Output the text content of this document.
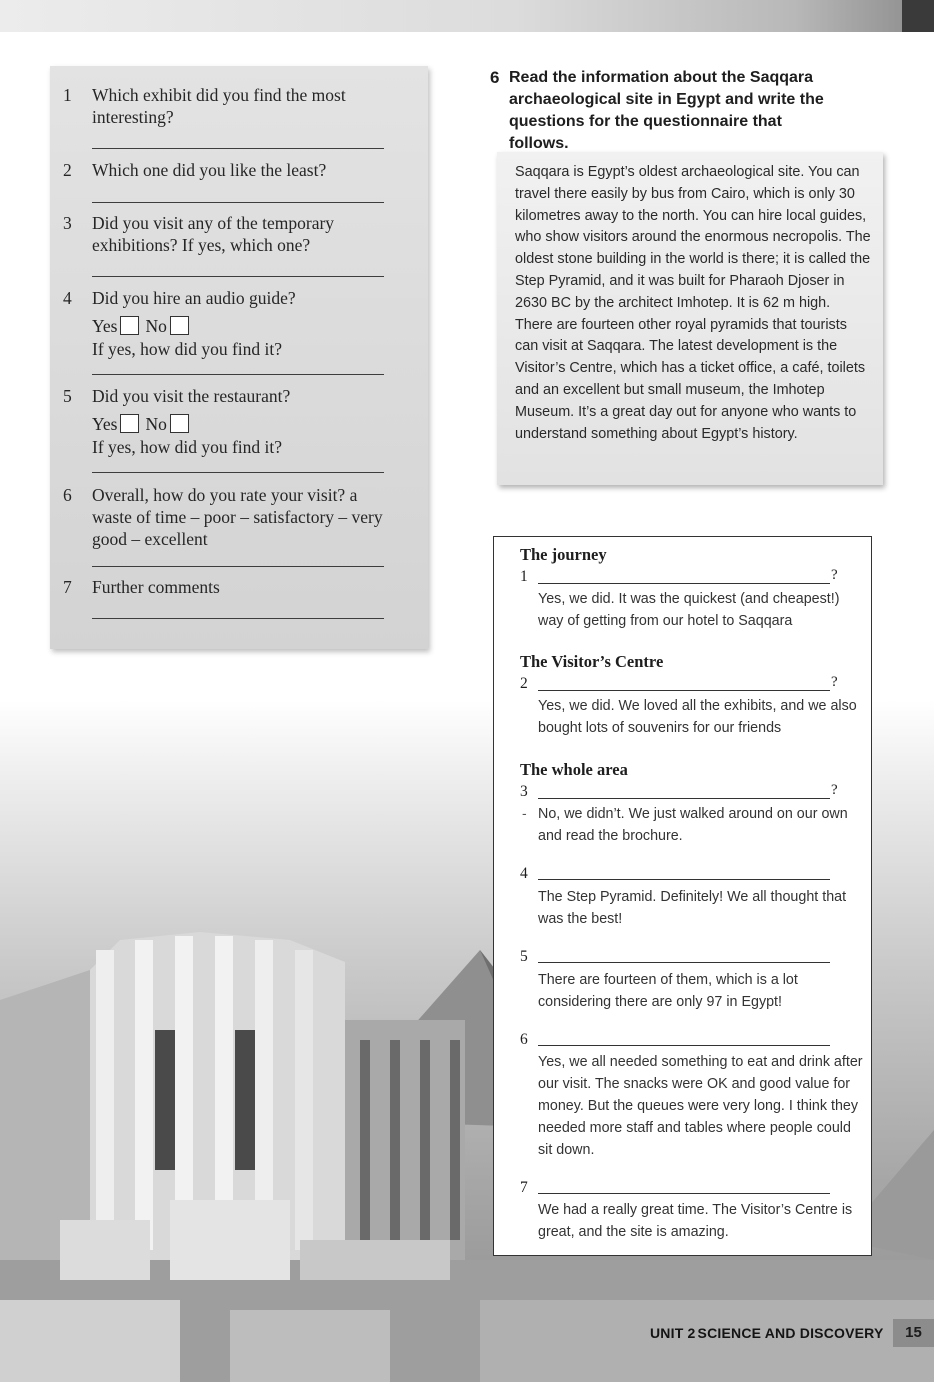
1	Which exhibit did you find the most interesting?
2	Which one did you like the least?
3	Did you visit any of the temporary exhibitions? If yes, which one?
4	Did you hire an audio guide?
Yes No
If yes, how did you find it?
5	Did you visit the restaurant?
Yes No
If yes, how did you find it?
6	Overall, how do you rate your visit? a waste of time – poor – satisfactory – very good – excellent
7	Further comments
6 Read the information about the Saqqara archaeological site in Egypt and write the questions for the questionnaire that follows.
Saqqara is Egypt’s oldest archaeological site. You can travel there easily by bus from Cairo, which is only 30 kilometres away to the north. You can hire local guides, who show visitors around the enormous necropolis. The oldest stone building in the world is there; it is called the Step Pyramid, and it was built for Pharaoh Djoser in 2630 BC by the architect Imhotep. It is 62 m high. There are fourteen other royal pyramids that tourists can visit at Saqqara. The latest development is the Visitor’s Centre, which has a ticket office, a café, toilets and an excellent but small museum, the Imhotep Museum. It’s a great day out for anyone who wants to understand something about Egypt’s history.
The journey
1	?
Yes, we did. It was the quickest (and cheapest!) way of getting from our hotel to Saqqara
The Visitor’s Centre
2	?
Yes, we did. We loved all the exhibits, and we also bought lots of souvenirs for our friends
The whole area
3	?
- No, we didn’t. We just walked around on our own and read the brochure.
4
The Step Pyramid. Definitely! We all thought that was the best!
5
There are fourteen of them, which is a lot considering there are only 97 in Egypt!
6
Yes, we all needed something to eat and drink after our visit. The snacks were OK and good value for money. But the queues were very long. I think they needed more staff and tables where people could sit down.
7
We had a really great time. The Visitor’s Centre is great, and the site is amazing.
UNIT 2 SCIENCE AND DISCOVERY	15
